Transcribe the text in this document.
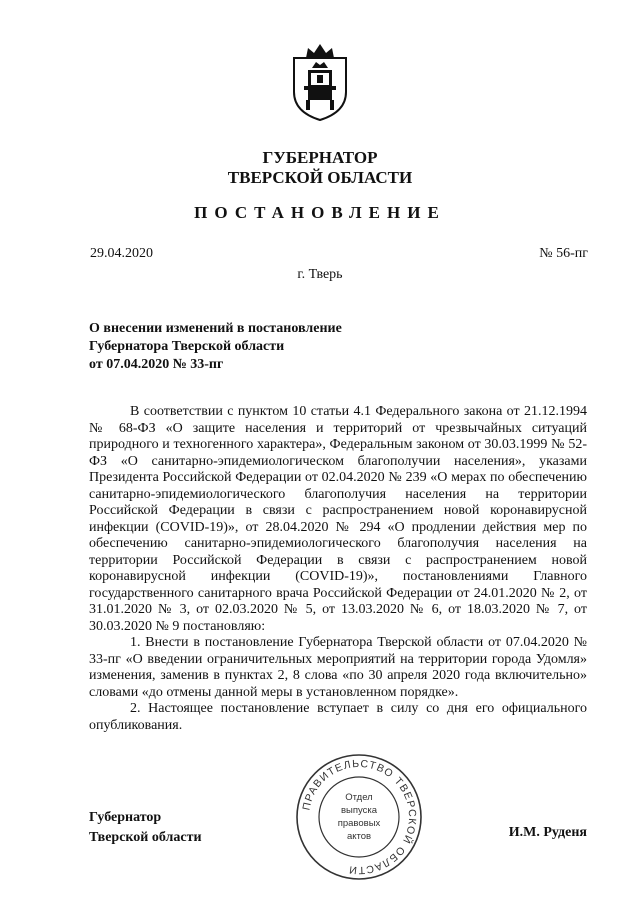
ГУБЕРНАТОР
ТВЕРСКОЙ ОБЛАСТИ
ПОСТАНОВЛЕНИЕ
29.04.2020	№ 56-пг
г. Тверь
О внесении изменений в постановление
Губернатора Тверской области
от 07.04.2020 № 33-пг

В соответствии с пунктом 10 статьи 4.1 Федерального закона от 21.12.1994 № 68-ФЗ «О защите населения и территорий от чрезвычайных ситуаций природного и техногенного характера», Федеральным законом от 30.03.1999 № 52-ФЗ «О санитарно-эпидемиологическом благополучии населения», указами Президента Российской Федерации от 02.04.2020 № 239 «О мерах по обеспечению санитарно-эпидемиологического благополучия населения на территории Российской Федерации в связи с распространением новой коронавирусной инфекции (COVID-19)», от 28.04.2020 № 294 «О продлении действия мер по обеспечению санитарно-эпидемиологического благополучия населения на территории Российской Федерации в связи с распространением новой коронавирусной инфекции (COVID-19)», постановлениями Главного государственного санитарного врача Российской Федерации от 24.01.2020 № 2, от 31.01.2020 № 3, от 02.03.2020 № 5, от 13.03.2020 № 6, от 18.03.2020 № 7, от 30.03.2020 № 9 постановляю:

1. Внести в постановление Губернатора Тверской области от 07.04.2020 № 33-пг «О введении ограничительных мероприятий на территории города Удомля» изменения, заменив в пунктах 2, 8 слова «по 30 апреля 2020 года включительно» словами «до отмены данной меры в установленном порядке».

2. Настоящее постановление вступает в силу со дня его официального опубликования.

Губернатор
Тверской области	И.М. Руденя
ПРАВИТЕЛЬСТВО ТВЕРСКОЙ ОБЛАСТИ
Отдел
выпуска
правовых
актов
